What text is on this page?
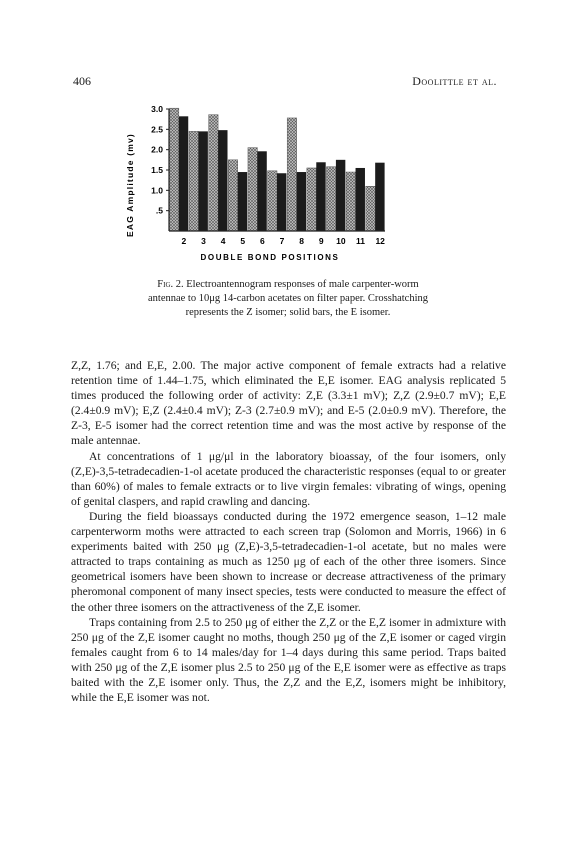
406	Doolittle et al.
3.0
2.5
2.0
1.5
1.0
.5
2 3 4 5 6 7 8 9 10 11 12
EAG Amplitude (mv)
DOUBLE BOND POSITIONS
Fig. 2. Electroantennogram responses of male carpenter-worm antennae to 10μg 14-carbon acetates on filter paper. Crosshatching represents the Z isomer; solid bars, the E isomer.

Z,Z, 1.76; and E,E, 2.00. The major active component of female extracts had a relative retention time of 1.44–1.75, which eliminated the E,E isomer. EAG analysis replicated 5 times produced the following order of activity: Z,E (3.3±1 mV); Z,Z (2.9±0.7 mV); E,E (2.4±0.9 mV); E,Z (2.4±0.4 mV); Z-3 (2.7±0.9 mV); and E-5 (2.0±0.9 mV). Therefore, the Z-3, E-5 isomer had the correct retention time and was the most active by response of the male antennae.

At concentrations of 1 μg/μl in the laboratory bioassay, of the four isomers, only (Z,E)-3,5-tetradecadien-1-ol acetate produced the characteristic responses (equal to or greater than 60%) of males to female extracts or to live virgin females: vibrating of wings, opening of genital claspers, and rapid crawling and dancing.

During the field bioassays conducted during the 1972 emergence season, 1–12 male carpenterworm moths were attracted to each screen trap (Solomon and Morris, 1966) in 6 experiments baited with 250 μg (Z,E)-3,5-tetradecadien-1-ol acetate, but no males were attracted to traps containing as much as 1250 μg of each of the other three isomers. Since geometrical isomers have been shown to increase or decrease attractiveness of the primary pheromonal component of many insect species, tests were conducted to measure the effect of the other three isomers on the attractiveness of the Z,E isomer.

Traps containing from 2.5 to 250 μg of either the Z,Z or the E,Z isomer in admixture with 250 μg of the Z,E isomer caught no moths, though 250 μg of the Z,E isomer or caged virgin females caught from 6 to 14 males/day for 1–4 days during this same period. Traps baited with 250 μg of the Z,E isomer plus 2.5 to 250 μg of the E,E isomer were as effective as traps baited with the Z,E isomer only. Thus, the Z,Z and the E,Z, isomers might be inhibitory, while the E,E isomer was not.
